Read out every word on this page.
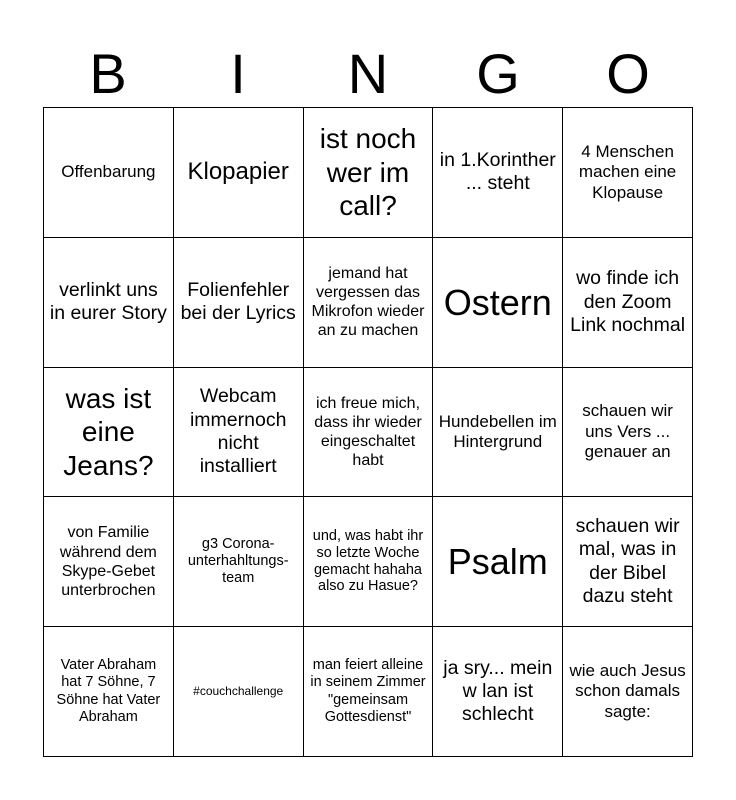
B	I	N	G	O
Offenbarung Klopapier
ist noch wer im call?
in 1.Korinther ... steht
4 Menschen machen eine Klopause
verlinkt uns in eurer Story
Folienfehler bei der Lyrics
jemand hat vergessen das Mikrofon wieder an zu machen
Ostern
wo finde ich den Zoom Link nochmal
was ist eine Jeans?
Webcam immernoch nicht installiert
ich freue mich, dass ihr wieder eingeschaltet habt
Hundebellen im Hintergrund
schauen wir uns Vers ... genauer an
von Familie während dem Skype-Gebet unterbrochen
g3 Corona-unterhahltungs-team
und, was habt ihr so letzte Woche gemacht hahaha also zu Hasue?
Psalm
schauen wir mal, was in der Bibel dazu steht
Vater Abraham hat 7 Söhne, 7 Söhne hat Vater Abraham
#couchchallenge
man feiert alleine in seinem Zimmer "gemeinsam Gottesdienst"
ja sry... mein w lan ist schlecht
wie auch Jesus schon damals sagte:
